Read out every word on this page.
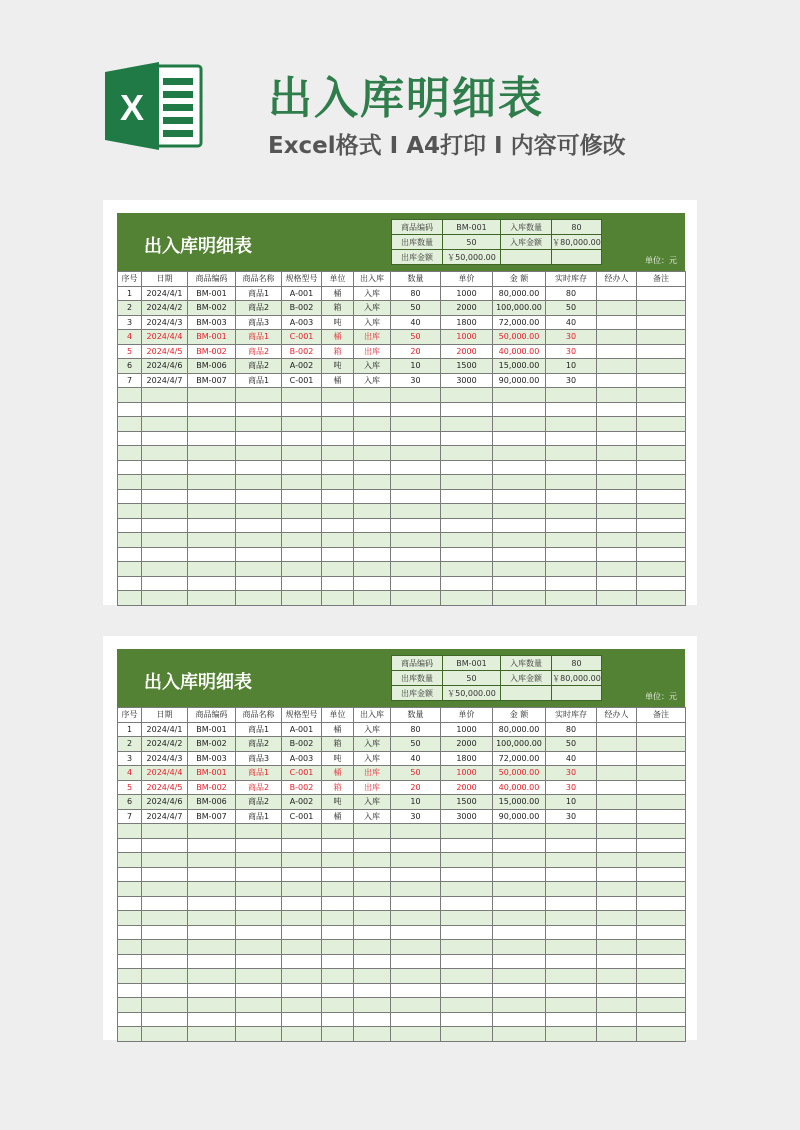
X	出入库明细表
Excel格式 I A4打印 I 内容可修改
出入库明细表
商品编码	BM-001	入库数量	80
出库数量	50	入库金额	￥80,000.00
出库金额	￥50,000.00			单位：元
序号	日期	商品编码	商品名称	规格型号	单位	出入库	数量	单价	金 额	实时库存	经办人	备注
1	2024/4/1	BM-001	商品1	A-001	桶	入库	80	1000	80,000.00	80		
2	2024/4/2	BM-002	商品2	B-002	箱	入库	50	2000	100,000.00	50		
3	2024/4/3	BM-003	商品3	A-003	吨	入库	40	1800	72,000.00	40		
4	2024/4/4	BM-001	商品1	C-001	桶	出库	50	1000	50,000.00	30		
5	2024/4/5	BM-002	商品2	B-002	箱	出库	20	2000	40,000.00	30		
6	2024/4/6	BM-006	商品2	A-002	吨	入库	10	1500	15,000.00	10		
7	2024/4/7	BM-007	商品1	C-001	桶	入库	30	3000	90,000.00	30		

出入库明细表
商品编码	BM-001	入库数量	80
出库数量	50	入库金额	￥80,000.00
出库金额	￥50,000.00			单位：元
序号	日期	商品编码	商品名称	规格型号	单位	出入库	数量	单价	金 额	实时库存	经办人	备注
1	2024/4/1	BM-001	商品1	A-001	桶	入库	80	1000	80,000.00	80		
2	2024/4/2	BM-002	商品2	B-002	箱	入库	50	2000	100,000.00	50		
3	2024/4/3	BM-003	商品3	A-003	吨	入库	40	1800	72,000.00	40		
4	2024/4/4	BM-001	商品1	C-001	桶	出库	50	1000	50,000.00	30		
5	2024/4/5	BM-002	商品2	B-002	箱	出库	20	2000	40,000.00	30		
6	2024/4/6	BM-006	商品2	A-002	吨	入库	10	1500	15,000.00	10		
7	2024/4/7	BM-007	商品1	C-001	桶	入库	30	3000	90,000.00	30		
